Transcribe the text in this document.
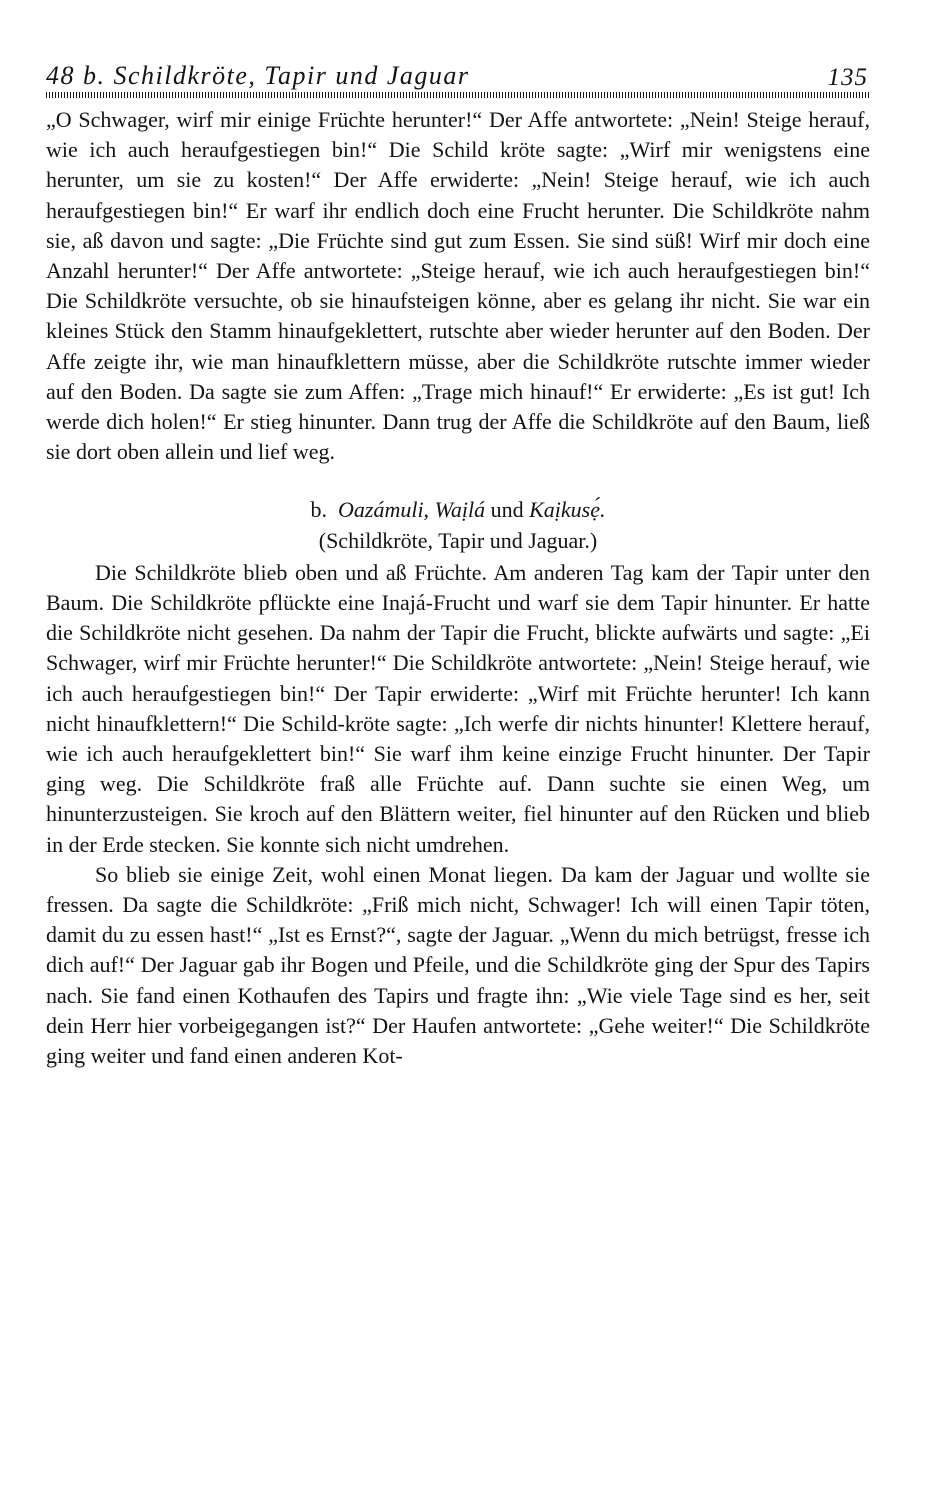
48 b. Schildkröte, Tapir und Jaguar	135

„O Schwager, wirf mir einige Früchte herunter!“ Der Affe antwortete: „Nein! Steige herauf, wie ich auch heraufgestiegen bin!“ Die Schild kröte sagte: „Wirf mir wenigstens eine herunter, um sie zu kosten!“ Der Affe erwiderte: „Nein! Steige herauf, wie ich auch heraufgestiegen bin!“ Er warf ihr endlich doch eine Frucht herunter. Die Schildkröte nahm sie, aß davon und sagte: „Die Früchte sind gut zum Essen. Sie sind süß! Wirf mir doch eine Anzahl herunter!“ Der Affe antwortete: „Steige herauf, wie ich auch heraufgestiegen bin!“ Die Schildkröte versuchte, ob sie hinaufsteigen könne, aber es gelang ihr nicht. Sie war ein kleines Stück den Stamm hinaufgeklettert, rutschte aber wieder herunter auf den Boden. Der Affe zeigte ihr, wie man hinaufklettern müsse, aber die Schildkröte rutschte immer wieder auf den Boden. Da sagte sie zum Affen: „Trage mich hinauf!“ Er erwiderte: „Es ist gut! Ich werde dich holen!“ Er stieg hinunter. Dann trug der Affe die Schildkröte auf den Baum, ließ sie dort oben allein und lief weg.

b. Oazámuli, Waịlá und Kaịkusẹ́.
(Schildkröte, Tapir und Jaguar.)

Die Schildkröte blieb oben und aß Früchte. Am anderen Tag kam der Tapir unter den Baum. Die Schildkröte pflückte eine Inajá-Frucht und warf sie dem Tapir hinunter. Er hatte die Schildkröte nicht gesehen. Da nahm der Tapir die Frucht, blickte aufwärts und sagte: „Ei Schwager, wirf mir Früchte herunter!“ Die Schildkröte antwortete: „Nein! Steige herauf, wie ich auch heraufgestiegen bin!“ Der Tapir erwiderte: „Wirf mit Früchte herunter! Ich kann nicht hinaufklettern!“ Die Schild-kröte sagte: „Ich werfe dir nichts hinunter! Klettere herauf, wie ich auch heraufgeklettert bin!“ Sie warf ihm keine einzige Frucht hinunter. Der Tapir ging weg. Die Schildkröte fraß alle Früchte auf. Dann suchte sie einen Weg, um hinunterzusteigen. Sie kroch auf den Blättern weiter, fiel hinunter auf den Rücken und blieb in der Erde stecken. Sie konnte sich nicht umdrehen.

So blieb sie einige Zeit, wohl einen Monat liegen. Da kam der Jaguar und wollte sie fressen. Da sagte die Schildkröte: „Friß mich nicht, Schwager! Ich will einen Tapir töten, damit du zu essen hast!“ „Ist es Ernst?“, sagte der Jaguar. „Wenn du mich betrügst, fresse ich dich auf!“ Der Jaguar gab ihr Bogen und Pfeile, und die Schildkröte ging der Spur des Tapirs nach. Sie fand einen Kothaufen des Tapirs und fragte ihn: „Wie viele Tage sind es her, seit dein Herr hier vorbeigegangen ist?“ Der Haufen antwortete: „Gehe weiter!“ Die Schildkröte ging weiter und fand einen anderen Kot-
